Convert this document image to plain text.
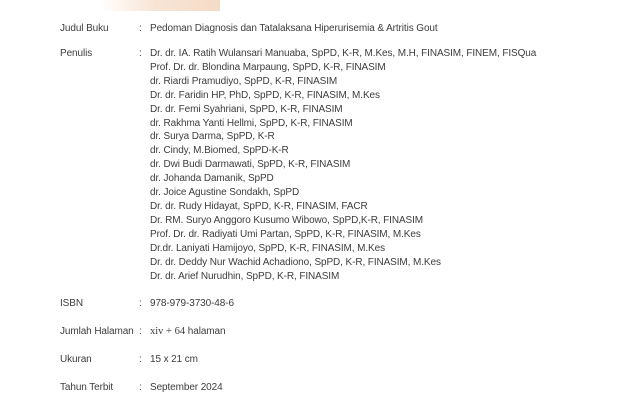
Judul Buku	: Pedoman Diagnosis dan Tatalaksana Hiperurisemia & Artritis Gout
Penulis	: Dr. dr. IA. Ratih Wulansari Manuaba, SpPD, K-R, M.Kes, M.H, FINASIM, FINEM, FISQua
Prof. Dr. dr. Blondina Marpaung, SpPD, K-R, FINASIM
dr. Riardi Pramudiyo, SpPD, K-R, FINASIM
Dr. dr. Faridin HP, PhD, SpPD, K-R, FINASIM, M.Kes
Dr. dr. Femi Syahriani, SpPD, K-R, FINASIM
dr. Rakhma Yanti Hellmi, SpPD, K-R, FINASIM
dr. Surya Darma, SpPD, K-R
dr. Cindy, M.Biomed, SpPD-K-R
dr. Dwi Budi Darmawati, SpPD, K-R, FINASIM
dr. Johanda Damanik, SpPD
dr. Joice Agustine Sondakh, SpPD
Dr. dr. Rudy Hidayat, SpPD, K-R, FINASIM, FACR
Dr. RM. Suryo Anggoro Kusumo Wibowo, SpPD,K-R, FINASIM
Prof. Dr. dr. Radiyati Umi Partan, SpPD, K-R, FINASIM, M.Kes
Dr.dr. Laniyati Hamijoyo, SpPD, K-R, FINASIM, M.Kes
Dr. dr. Deddy Nur Wachid Achadiono, SpPD, K-R, FINASIM, M.Kes
Dr. dr. Arief Nurudhin, SpPD, K-R, FINASIM
ISBN	: 978-979-3730-48-6
Jumlah Halaman : xiv + 64 halaman
Ukuran	: 15 x 21 cm
Tahun Terbit	: September 2024
